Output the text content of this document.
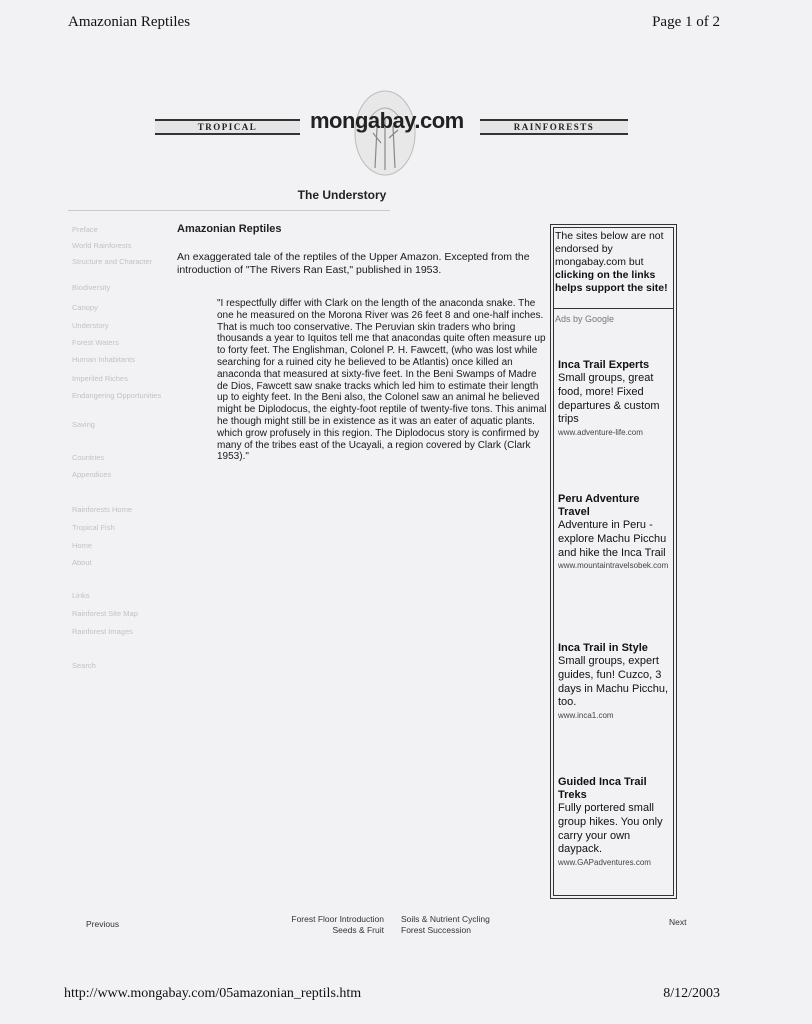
Amazonian Reptiles	Page 1 of 2
TROPICAL	mongabay.com	RAINFORESTS
The Understory
Preface
World Rainforests
Structure and Character
Biodiversity
Canopy
Understory
Forest Waters
Human Inhabitants
Imperiled Riches
Endangering Opportunities
Saving
Countries
Appendices
Rainforests Home
Tropical Fish
Home
About
Links
Rainforest Site Map
Rainforest Images
Search
Amazonian Reptiles

An exaggerated tale of the reptiles of the Upper Amazon. Excepted from the introduction of "The Rivers Ran East," published in 1953.

"I respectfully differ with Clark on the length of the anaconda snake. The one he measured on the Morona River was 26 feet 8 and one-half inches. That is much too conservative. The Peruvian skin traders who bring thousands a year to Iquitos tell me that anacondas quite often measure up to forty feet. The Englishman, Colonel P. H. Fawcett, (who was lost while searching for a ruined city he believed to be Atlantis) once killed an anaconda that measured at sixty-five feet. In the Beni Swamps of Madre de Dios, Fawcett saw snake tracks which led him to estimate their length up to eighty feet. In the Beni also, the Colonel saw an animal he believed might be Diplodocus, the eighty-foot reptile of twenty-five tons. This animal he though might still be in existence as it was an eater of aquatic plants. which grow profusely in this region. The Diplodocus story is confirmed by many of the tribes east of the Ucayali, a region covered by Clark (Clark 1953)."

The sites below are not endorsed by mongabay.com but clicking on the links helps support the site!
Ads by Google
Inca Trail Experts
Small groups, great food, more! Fixed departures & custom trips
www.adventure-life.com
Peru Adventure Travel
Adventure in Peru - explore Machu Picchu and hike the Inca Trail
www.mountaintravelsobek.com
Inca Trail in Style
Small groups, expert guides, fun! Cuzco, 3 days in Machu Picchu, too.
www.inca1.com
Guided Inca Trail Treks
Fully portered small group hikes. You only carry your own daypack.
www.GAPadventures.com
Previous	Forest Floor Introduction
Seeds & Fruit
Soils & Nutrient Cycling
Forest Succession
Next
http://www.mongabay.com/05amazonian_reptils.htm	8/12/2003
